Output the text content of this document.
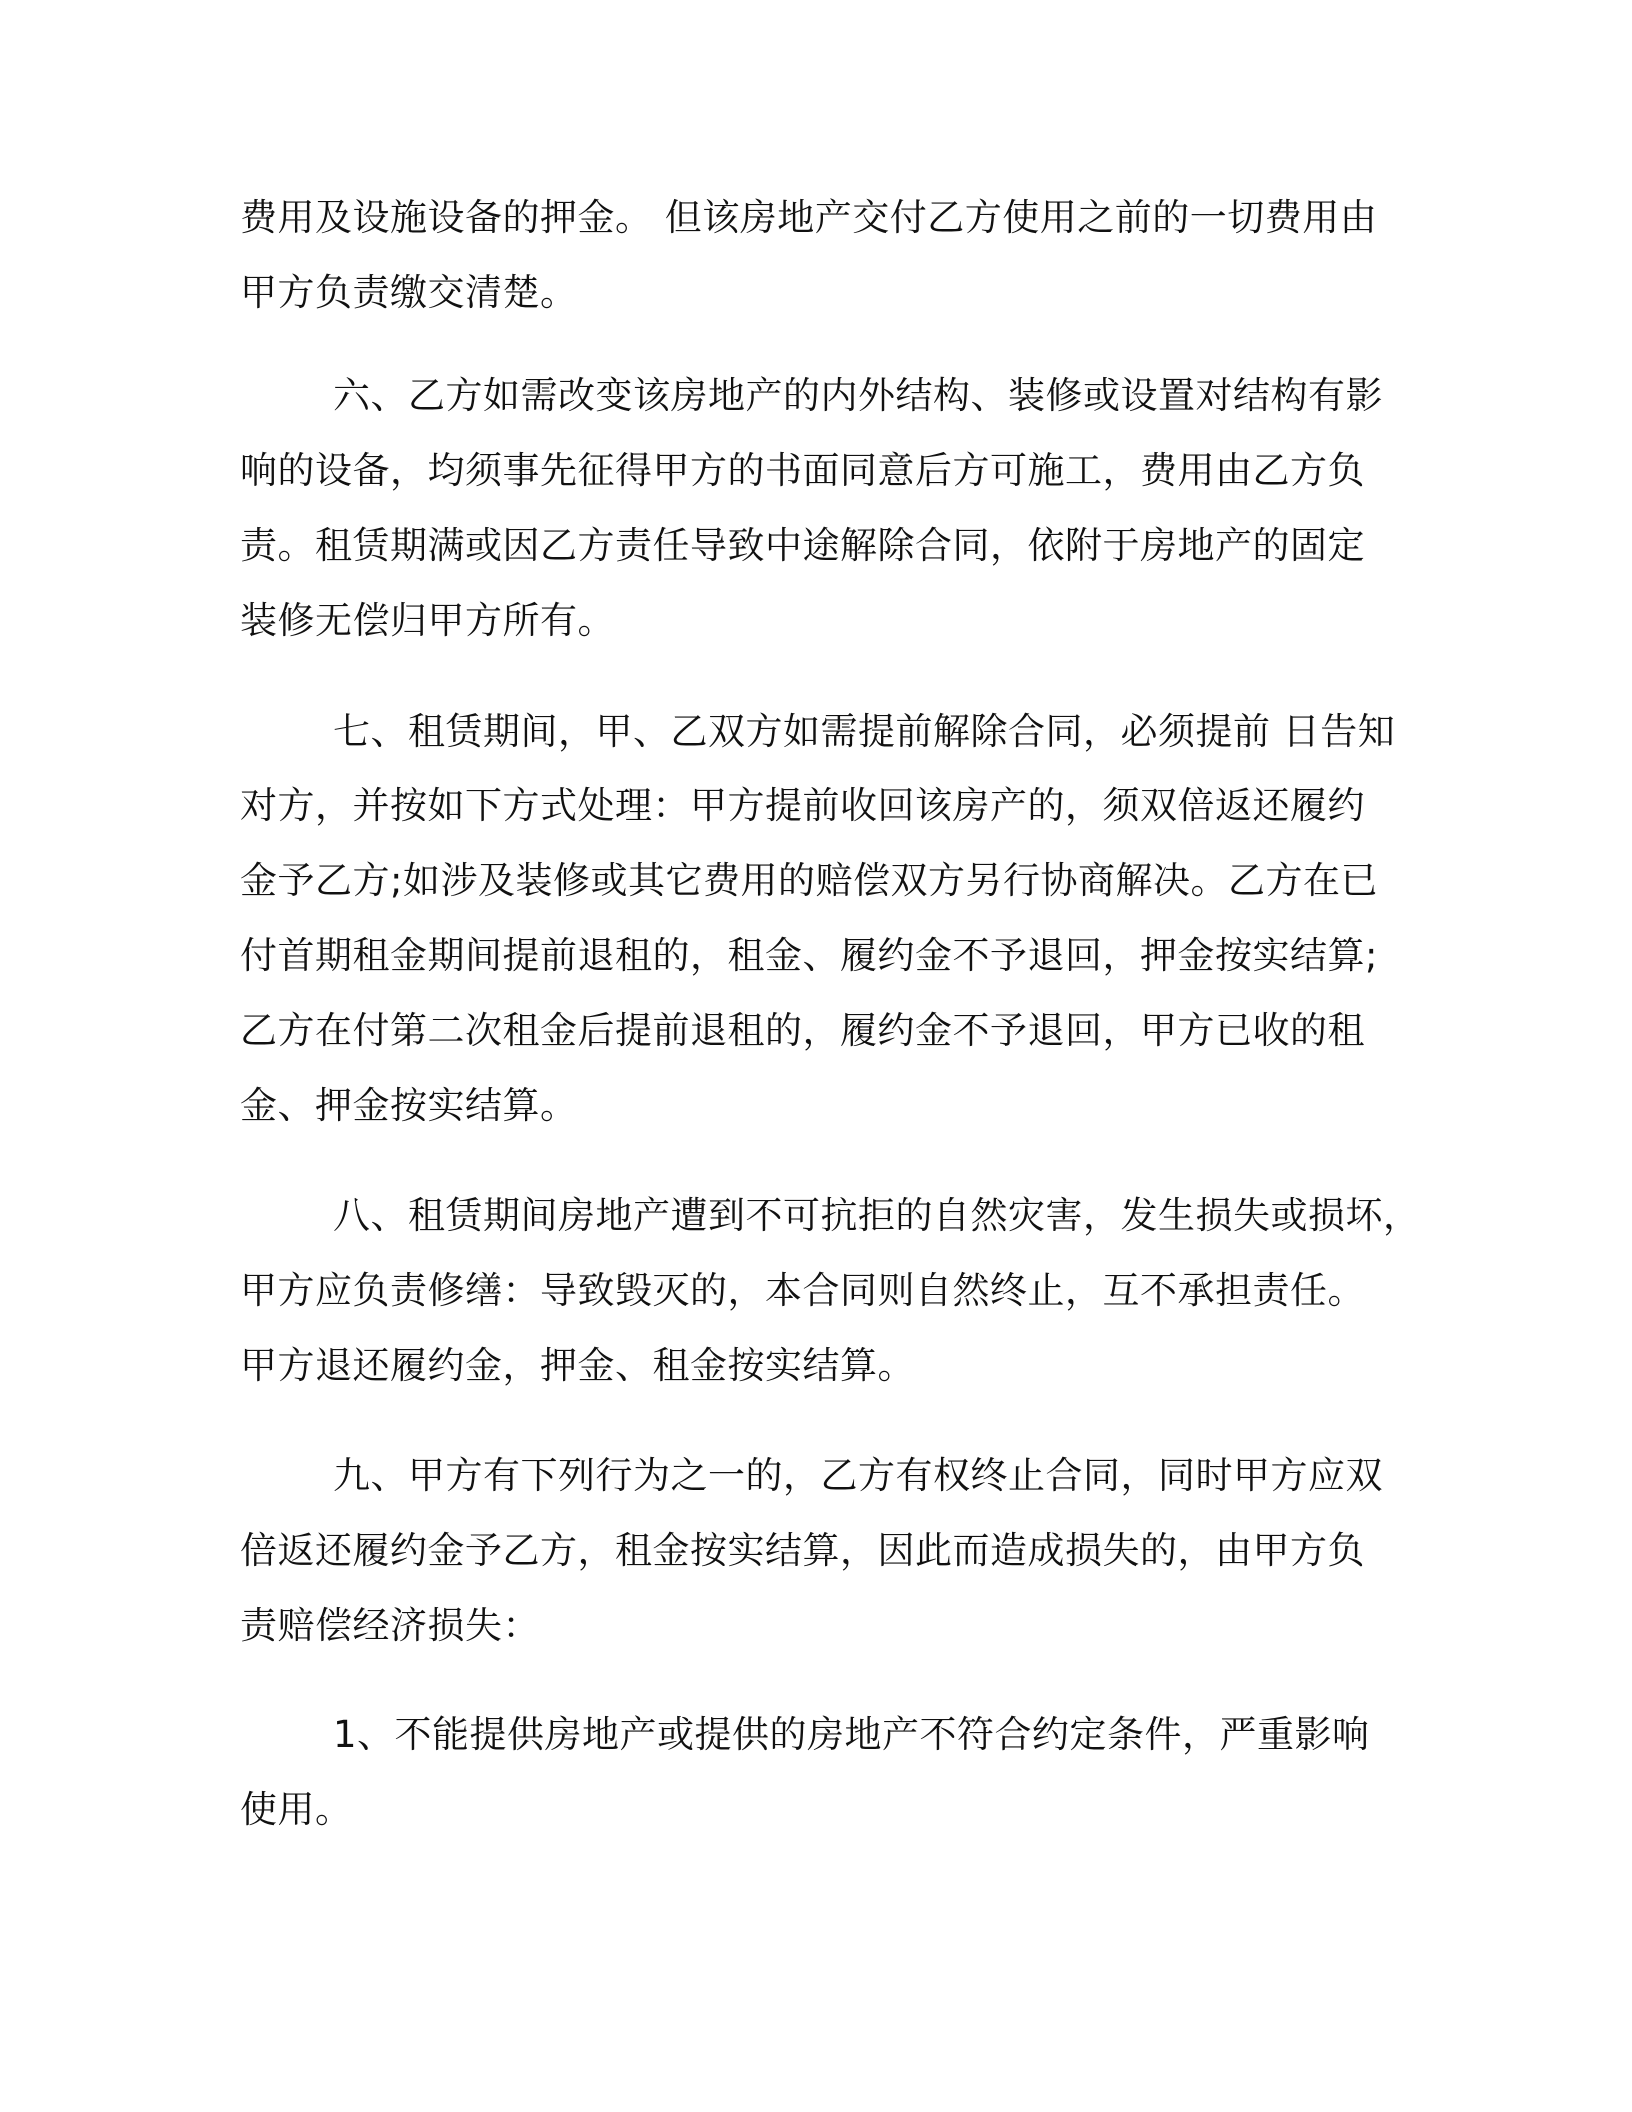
费用及设施设备的押金。 但该房地产交付乙方使用之前的一切费用由
甲方负责缴交清楚。
六、乙方如需改变该房地产的内外结构、装修或设置对结构有影
响的设备，均须事先征得甲方的书面同意后方可施工，费用由乙方负
责。租赁期满或因乙方责任导致中途解除合同，依附于房地产的固定
装修无偿归甲方所有。
七、租赁期间，甲、乙双方如需提前解除合同，必须提前 日告知
对方，并按如下方式处理：甲方提前收回该房产的，须双倍返还履约
金予乙方;如涉及装修或其它费用的赔偿双方另行协商解决。乙方在已
付首期租金期间提前退租的，租金、履约金不予退回，押金按实结算;
乙方在付第二次租金后提前退租的，履约金不予退回，甲方已收的租
金、押金按实结算。
八、租赁期间房地产遭到不可抗拒的自然灾害，发生损失或损坏，
甲方应负责修缮：导致毁灭的，本合同则自然终止，互不承担责任。
甲方退还履约金，押金、租金按实结算。
九、甲方有下列行为之一的，乙方有权终止合同，同时甲方应双
倍返还履约金予乙方，租金按实结算，因此而造成损失的，由甲方负
责赔偿经济损失：
1、不能提供房地产或提供的房地产不符合约定条件，严重影响
使用。
